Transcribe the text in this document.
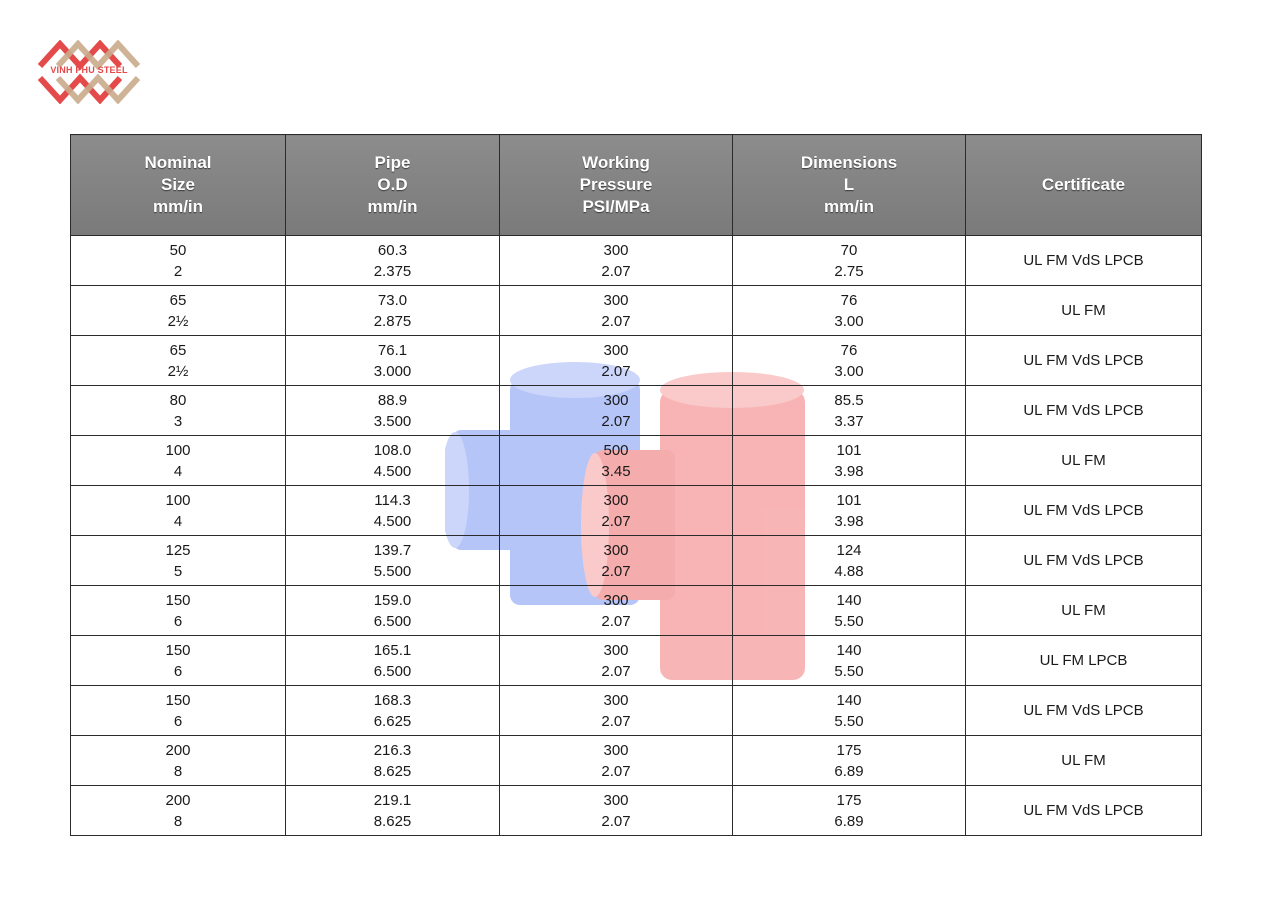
VINH PHU STEEL
Nominal
Size
mm/in	Pipe
O.D
mm/in	Working
Pressure
PSI/MPa	Dimensions
L
mm/in	Certificate

50
2	60.3
2.375	300
2.07	70
2.75	UL FM VdS LPCB

65
2½	73.0
2.875	300
2.07	76
3.00	UL FM

65
2½	76.1
3.000	300
2.07	76
3.00	UL FM VdS LPCB

80
3	88.9
3.500	300
2.07	85.5
3.37	UL FM VdS LPCB

100
4	108.0
4.500	500
3.45	101
3.98	UL FM

100
4	114.3
4.500	300
2.07	101
3.98	UL FM VdS LPCB

125
5	139.7
5.500	300
2.07	124
4.88	UL FM VdS LPCB

150
6	159.0
6.500	300
2.07	140
5.50	UL FM

150
6	165.1
6.500	300
2.07	140
5.50	UL FM LPCB

150
6	168.3
6.625	300
2.07	140
5.50	UL FM VdS LPCB

200
8	216.3
8.625	300
2.07	175
6.89	UL FM

200
8	219.1
8.625	300
2.07	175
6.89	UL FM VdS LPCB
